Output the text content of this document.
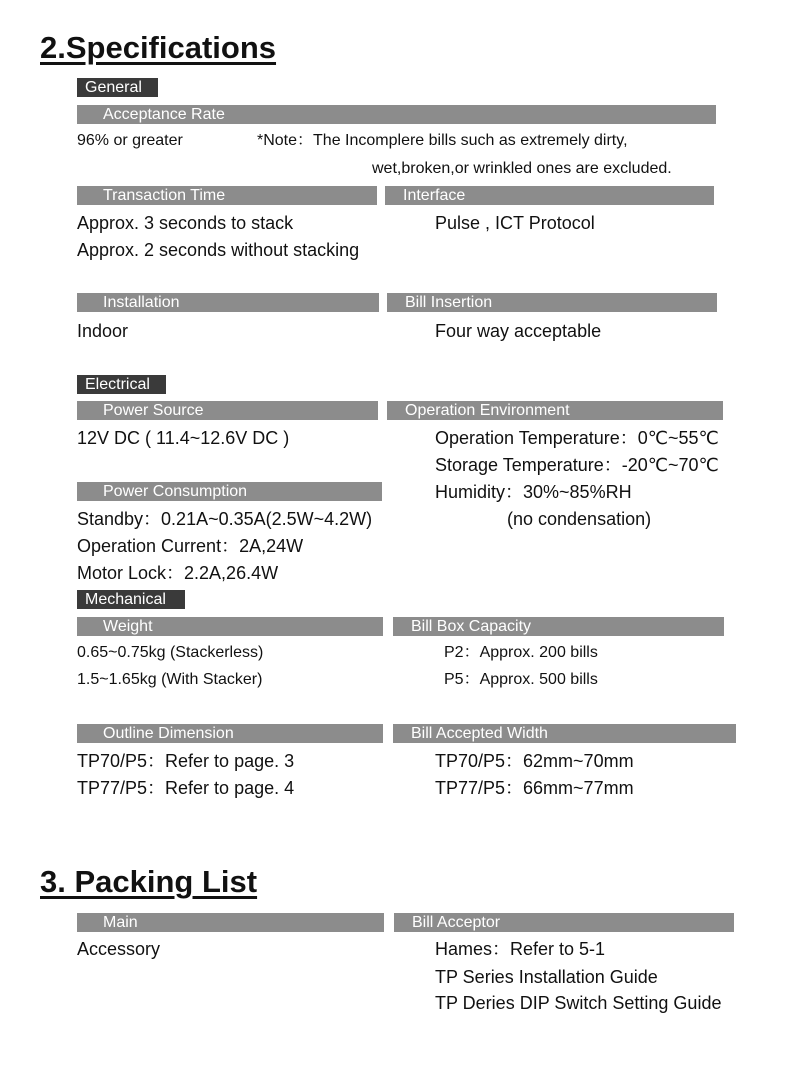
2.Specifications
General
Acceptance Rate
96% or greater	*Note：The Incomplere bills such as extremely dirty,
wet,broken,or wrinkled ones are excluded.
Transaction Time	Interface
Approx. 3 seconds to stack	Pulse , ICT Protocol
Approx. 2 seconds without stacking
Installation	Bill Insertion
Indoor	Four way acceptable
Electrical
Power Source	Operation Environment
12V DC ( 11.4~12.6V DC )	Operation Temperature：0℃~55℃
Storage Temperature：-20℃~70℃
Power Consumption	Humidity：30%~85%RH
Standby：0.21A~0.35A(2.5W~4.2W)	(no condensation)
Operation Current：2A,24W
Motor Lock：2.2A,26.4W
Mechanical
Weight	Bill Box Capacity
0.65~0.75kg (Stackerless)	P2：Approx. 200 bills
1.5~1.65kg (With Stacker)	P5：Approx. 500 bills
Outline Dimension	Bill Accepted Width
TP70/P5：Refer to page. 3	TP70/P5：62mm~70mm
TP77/P5：Refer to page. 4	TP77/P5：66mm~77mm
3. Packing List
Main	Bill Acceptor
Accessory	Hames：Refer to 5-1
TP Series Installation Guide
TP Deries DIP Switch Setting Guide
